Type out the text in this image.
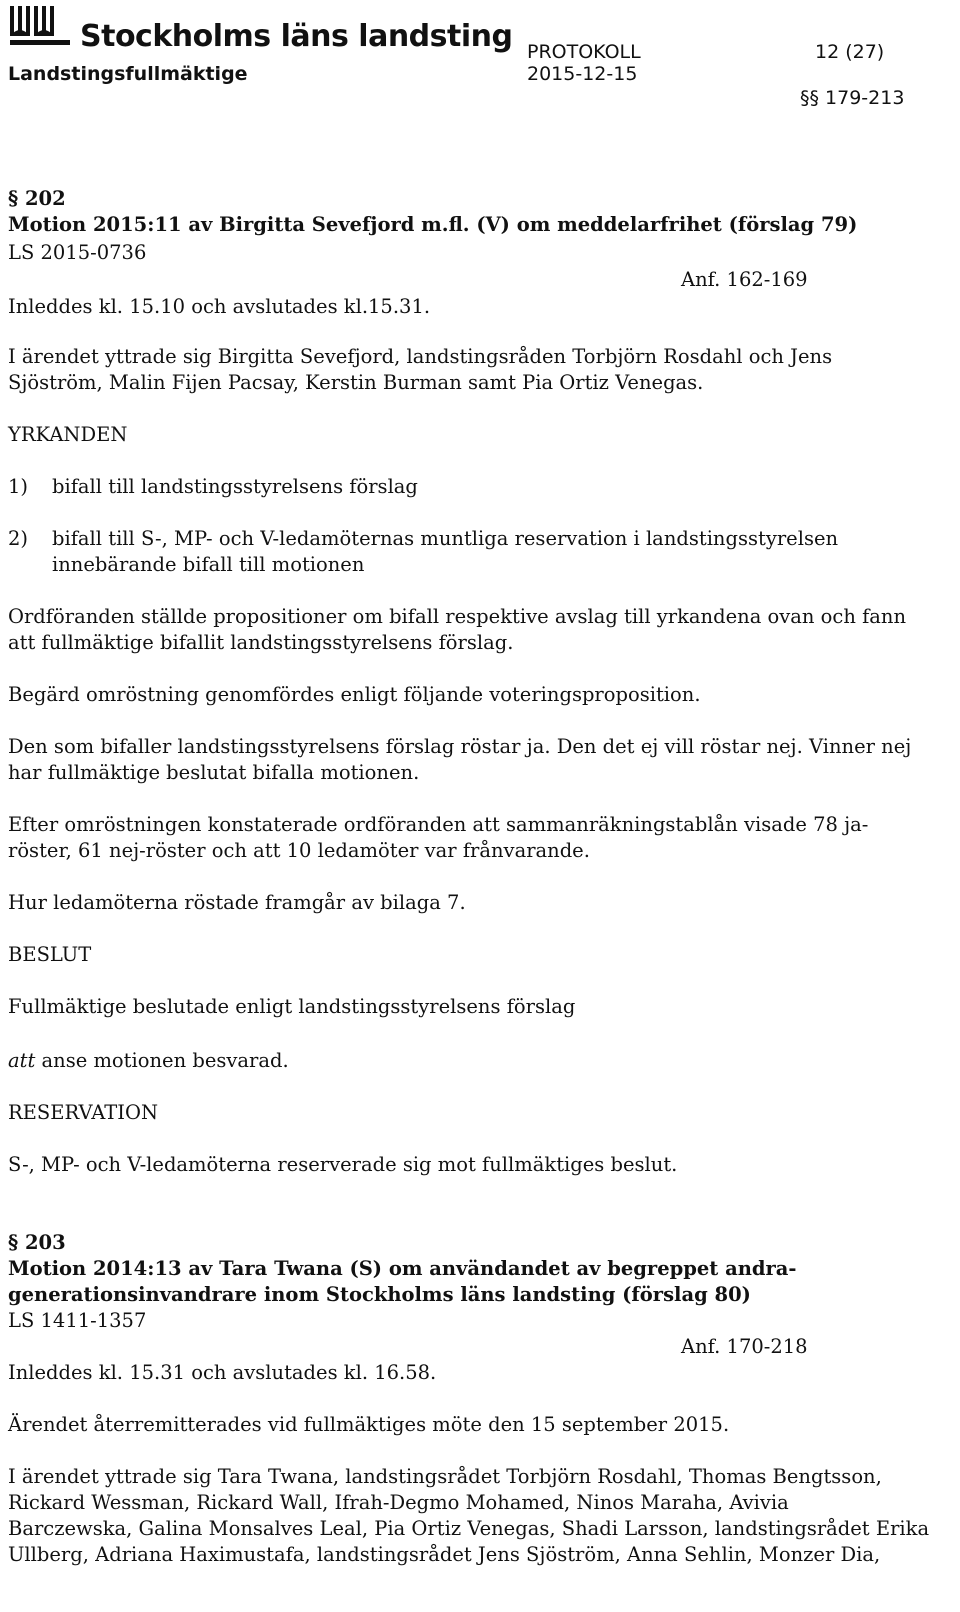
Stockholms läns landsting
Landstingsfullmäktige
PROTOKOLL	12 (27)
2015-12-15
§§ 179-213
§ 202
Motion 2015:11 av Birgitta Sevefjord m.fl. (V) om meddelarfrihet (förslag 79)
LS 2015-0736
Anf. 162-169
Inleddes kl. 15.10 och avslutades kl.15.31.
I ärendet yttrade sig Birgitta Sevefjord, landstingsråden Torbjörn Rosdahl och Jens
Sjöström, Malin Fijen Pacsay, Kerstin Burman samt Pia Ortiz Venegas.
YRKANDEN
1) bifall till landstingsstyrelsens förslag
2) bifall till S-, MP- och V-ledamöternas muntliga reservation i landstingsstyrelsen
innebärande bifall till motionen
Ordföranden ställde propositioner om bifall respektive avslag till yrkandena ovan och fann
att fullmäktige bifallit landstingsstyrelsens förslag.
Begärd omröstning genomfördes enligt följande voteringsproposition.
Den som bifaller landstingsstyrelsens förslag röstar ja. Den det ej vill röstar nej. Vinner nej
har fullmäktige beslutat bifalla motionen.
Efter omröstningen konstaterade ordföranden att sammanräkningstablån visade 78 ja-
röster, 61 nej-röster och att 10 ledamöter var frånvarande.
Hur ledamöterna röstade framgår av bilaga 7.
BESLUT
Fullmäktige beslutade enligt landstingsstyrelsens förslag
att anse motionen besvarad.
RESERVATION
S-, MP- och V-ledamöterna reserverade sig mot fullmäktiges beslut.
§ 203
Motion 2014:13 av Tara Twana (S) om användandet av begreppet andra-
generationsinvandrare inom Stockholms läns landsting (förslag 80)
LS 1411-1357
Anf. 170-218
Inleddes kl. 15.31 och avslutades kl. 16.58.
Ärendet återremitterades vid fullmäktiges möte den 15 september 2015.
I ärendet yttrade sig Tara Twana, landstingsrådet Torbjörn Rosdahl, Thomas Bengtsson,
Rickard Wessman, Rickard Wall, Ifrah-Degmo Mohamed, Ninos Maraha, Avivia
Barczewska, Galina Monsalves Leal, Pia Ortiz Venegas, Shadi Larsson, landstingsrådet Erika
Ullberg, Adriana Haximustafa, landstingsrådet Jens Sjöström, Anna Sehlin, Monzer Dia,
